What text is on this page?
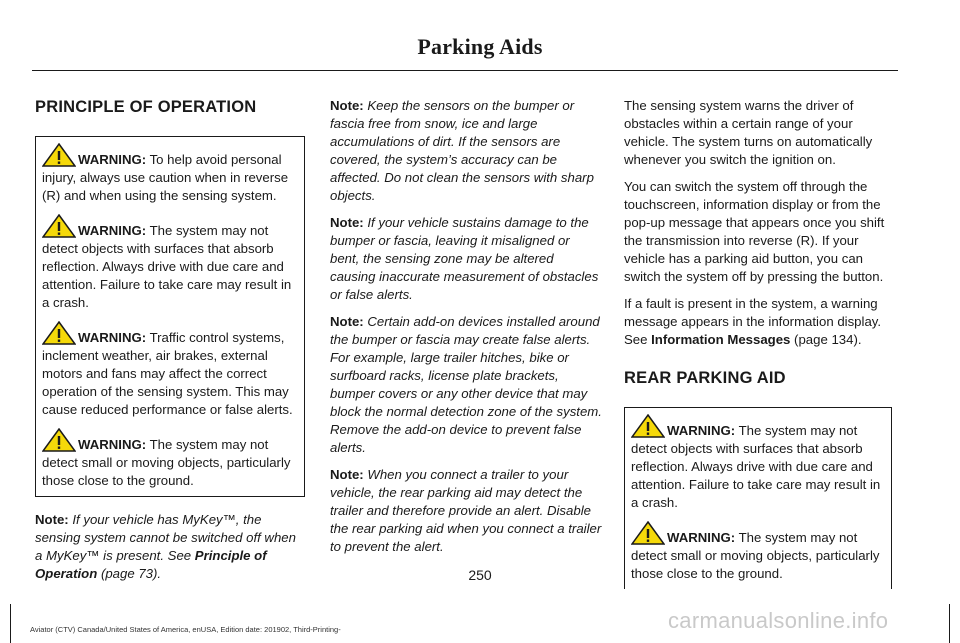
Parking Aids
PRINCIPLE OF OPERATION

WARNING: To help avoid personal injury, always use caution when in reverse (R) and when using the sensing system.

WARNING: The system may not detect objects with surfaces that absorb reflection. Always drive with due care and attention. Failure to take care may result in a crash.

WARNING: Traffic control systems, inclement weather, air brakes, external motors and fans may affect the correct operation of the sensing system. This may cause reduced performance or false alerts.

WARNING: The system may not detect small or moving objects, particularly those close to the ground.

Note: If your vehicle has MyKey™, the sensing system cannot be switched off when a MyKey™ is present. See Principle of Operation (page 73).

Note: Keep the sensors on the bumper or fascia free from snow, ice and large accumulations of dirt. If the sensors are covered, the system’s accuracy can be affected. Do not clean the sensors with sharp objects.

Note: If your vehicle sustains damage to the bumper or fascia, leaving it misaligned or bent, the sensing zone may be altered causing inaccurate measurement of obstacles or false alerts.

Note: Certain add-on devices installed around the bumper or fascia may create false alerts. For example, large trailer hitches, bike or surfboard racks, license plate brackets, bumper covers or any other device that may block the normal detection zone of the system. Remove the add-on device to prevent false alerts.

Note: When you connect a trailer to your vehicle, the rear parking aid may detect the trailer and therefore provide an alert. Disable the rear parking aid when you connect a trailer to prevent the alert.

The sensing system warns the driver of obstacles within a certain range of your vehicle. The system turns on automatically whenever you switch the ignition on.

You can switch the system off through the touchscreen, information display or from the pop-up message that appears once you shift the transmission into reverse (R). If your vehicle has a parking aid button, you can switch the system off by pressing the button.

If a fault is present in the system, a warning message appears in the information display. See Information Messages (page 134).

REAR PARKING AID

WARNING: The system may not detect objects with surfaces that absorb reflection. Always drive with due care and attention. Failure to take care may result in a crash.

WARNING: The system may not detect small or moving objects, particularly those close to the ground.

250
Aviator (CTV) Canada/United States of America, enUSA, Edition date: 201902, Third-Printing-	carmanualsonline.info
